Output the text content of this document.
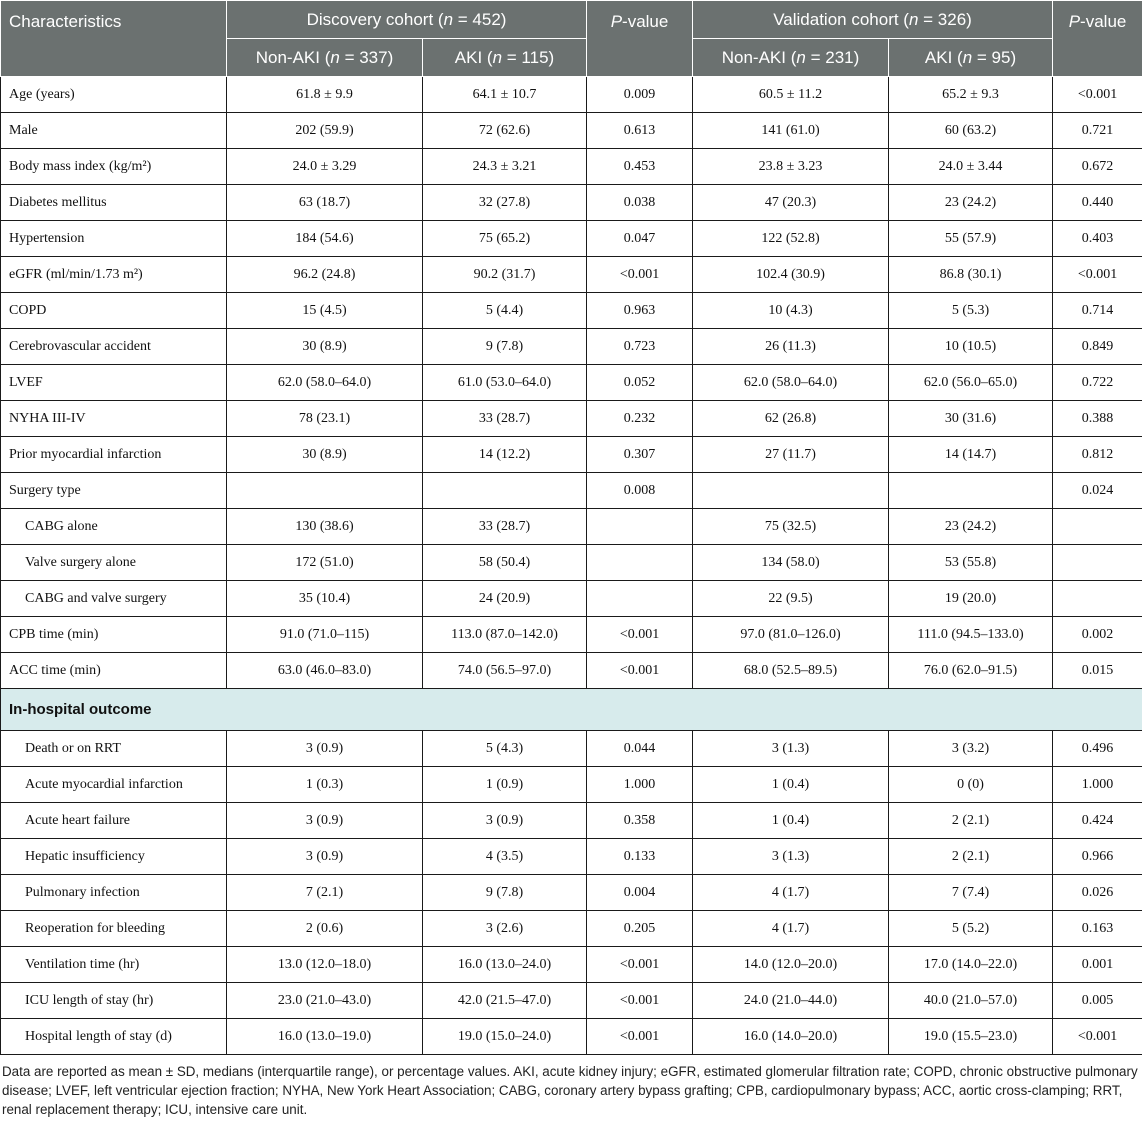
Characteristics	Discovery cohort (n = 452)		P-value	Validation cohort (n = 326)		P-value
	Non-AKI (n = 337)	AKI (n = 115)		Non-AKI (n = 231)	AKI (n = 95)	
Age (years)	61.8 ± 9.9	64.1 ± 10.7	0.009	60.5 ± 11.2	65.2 ± 9.3	<0.001
Male	202 (59.9)	72 (62.6)	0.613	141 (61.0)	60 (63.2)	0.721
Body mass index (kg/m²)	24.0 ± 3.29	24.3 ± 3.21	0.453	23.8 ± 3.23	24.0 ± 3.44	0.672
Diabetes mellitus	63 (18.7)	32 (27.8)	0.038	47 (20.3)	23 (24.2)	0.440
Hypertension	184 (54.6)	75 (65.2)	0.047	122 (52.8)	55 (57.9)	0.403
eGFR (ml/min/1.73 m²)	96.2 (24.8)	90.2 (31.7)	<0.001	102.4 (30.9)	86.8 (30.1)	<0.001
COPD	15 (4.5)	5 (4.4)	0.963	10 (4.3)	5 (5.3)	0.714
Cerebrovascular accident	30 (8.9)	9 (7.8)	0.723	26 (11.3)	10 (10.5)	0.849
LVEF	62.0 (58.0–64.0)	61.0 (53.0–64.0)	0.052	62.0 (58.0–64.0)	62.0 (56.0–65.0)	0.722
NYHA III-IV	78 (23.1)	33 (28.7)	0.232	62 (26.8)	30 (31.6)	0.388
Prior myocardial infarction	30 (8.9)	14 (12.2)	0.307	27 (11.7)	14 (14.7)	0.812
Surgery type			0.008			0.024
CABG alone	130 (38.6)	33 (28.7)		75 (32.5)	23 (24.2)	
Valve surgery alone	172 (51.0)	58 (50.4)		134 (58.0)	53 (55.8)	
CABG and valve surgery	35 (10.4)	24 (20.9)		22 (9.5)	19 (20.0)	
CPB time (min)	91.0 (71.0–115)	113.0 (87.0–142.0)	<0.001	97.0 (81.0–126.0)	111.0 (94.5–133.0)	0.002
ACC time (min)	63.0 (46.0–83.0)	74.0 (56.5–97.0)	<0.001	68.0 (52.5–89.5)	76.0 (62.0–91.5)	0.015
In-hospital outcome						
Death or on RRT	3 (0.9)	5 (4.3)	0.044	3 (1.3)	3 (3.2)	0.496
Acute myocardial infarction	1 (0.3)	1 (0.9)	1.000	1 (0.4)	0 (0)	1.000
Acute heart failure	3 (0.9)	3 (0.9)	0.358	1 (0.4)	2 (2.1)	0.424
Hepatic insufficiency	3 (0.9)	4 (3.5)	0.133	3 (1.3)	2 (2.1)	0.966
Pulmonary infection	7 (2.1)	9 (7.8)	0.004	4 (1.7)	7 (7.4)	0.026
Reoperation for bleeding	2 (0.6)	3 (2.6)	0.205	4 (1.7)	5 (5.2)	0.163
Ventilation time (hr)	13.0 (12.0–18.0)	16.0 (13.0–24.0)	<0.001	14.0 (12.0–20.0)	17.0 (14.0–22.0)	0.001
ICU length of stay (hr)	23.0 (21.0–43.0)	42.0 (21.5–47.0)	<0.001	24.0 (21.0–44.0)	40.0 (21.0–57.0)	0.005
Hospital length of stay (d)	16.0 (13.0–19.0)	19.0 (15.0–24.0)	<0.001	16.0 (14.0–20.0)	19.0 (15.5–23.0)	<0.001
Data are reported as mean ± SD, medians (interquartile range), or percentage values. AKI, acute kidney injury; eGFR, estimated glomerular filtration rate; COPD, chronic obstructive pulmonary disease; LVEF, left ventricular ejection fraction; NYHA, New York Heart Association; CABG, coronary artery bypass grafting; CPB, cardiopulmonary bypass; ACC, aortic cross-clamping; RRT, renal replacement therapy; ICU, intensive care unit.
